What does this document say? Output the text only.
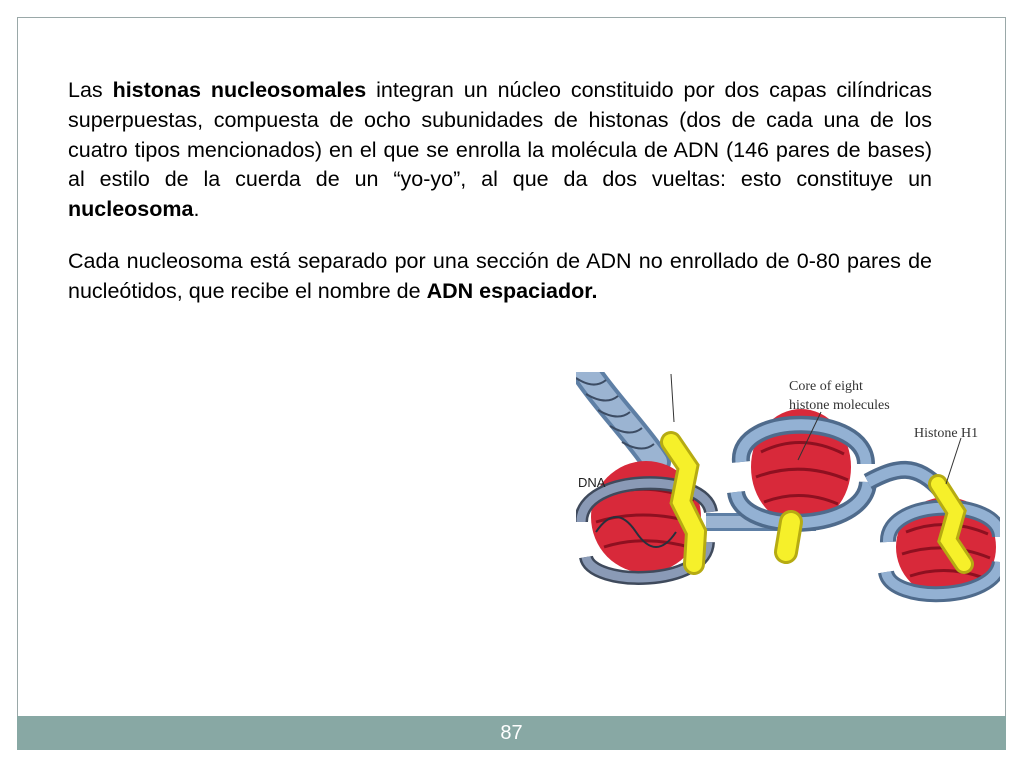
Las histonas nucleosomales integran un núcleo constituido por dos capas cilíndricas superpuestas, compuesta de ocho subunidades de histonas (dos de cada una de los cuatro tipos mencionados) en el que se enrolla la molécula de ADN (146 pares de bases) al estilo de la cuerda de un “yo-yo”, al que da dos vueltas: esto constituye un nucleosoma.

Cada nucleosoma está separado por una sección de ADN no enrollado de 0-80 pares de nucleótidos, que recibe el nombre de ADN espaciador.

Core of eight
histone molecules
Histone H1
DNA
87
